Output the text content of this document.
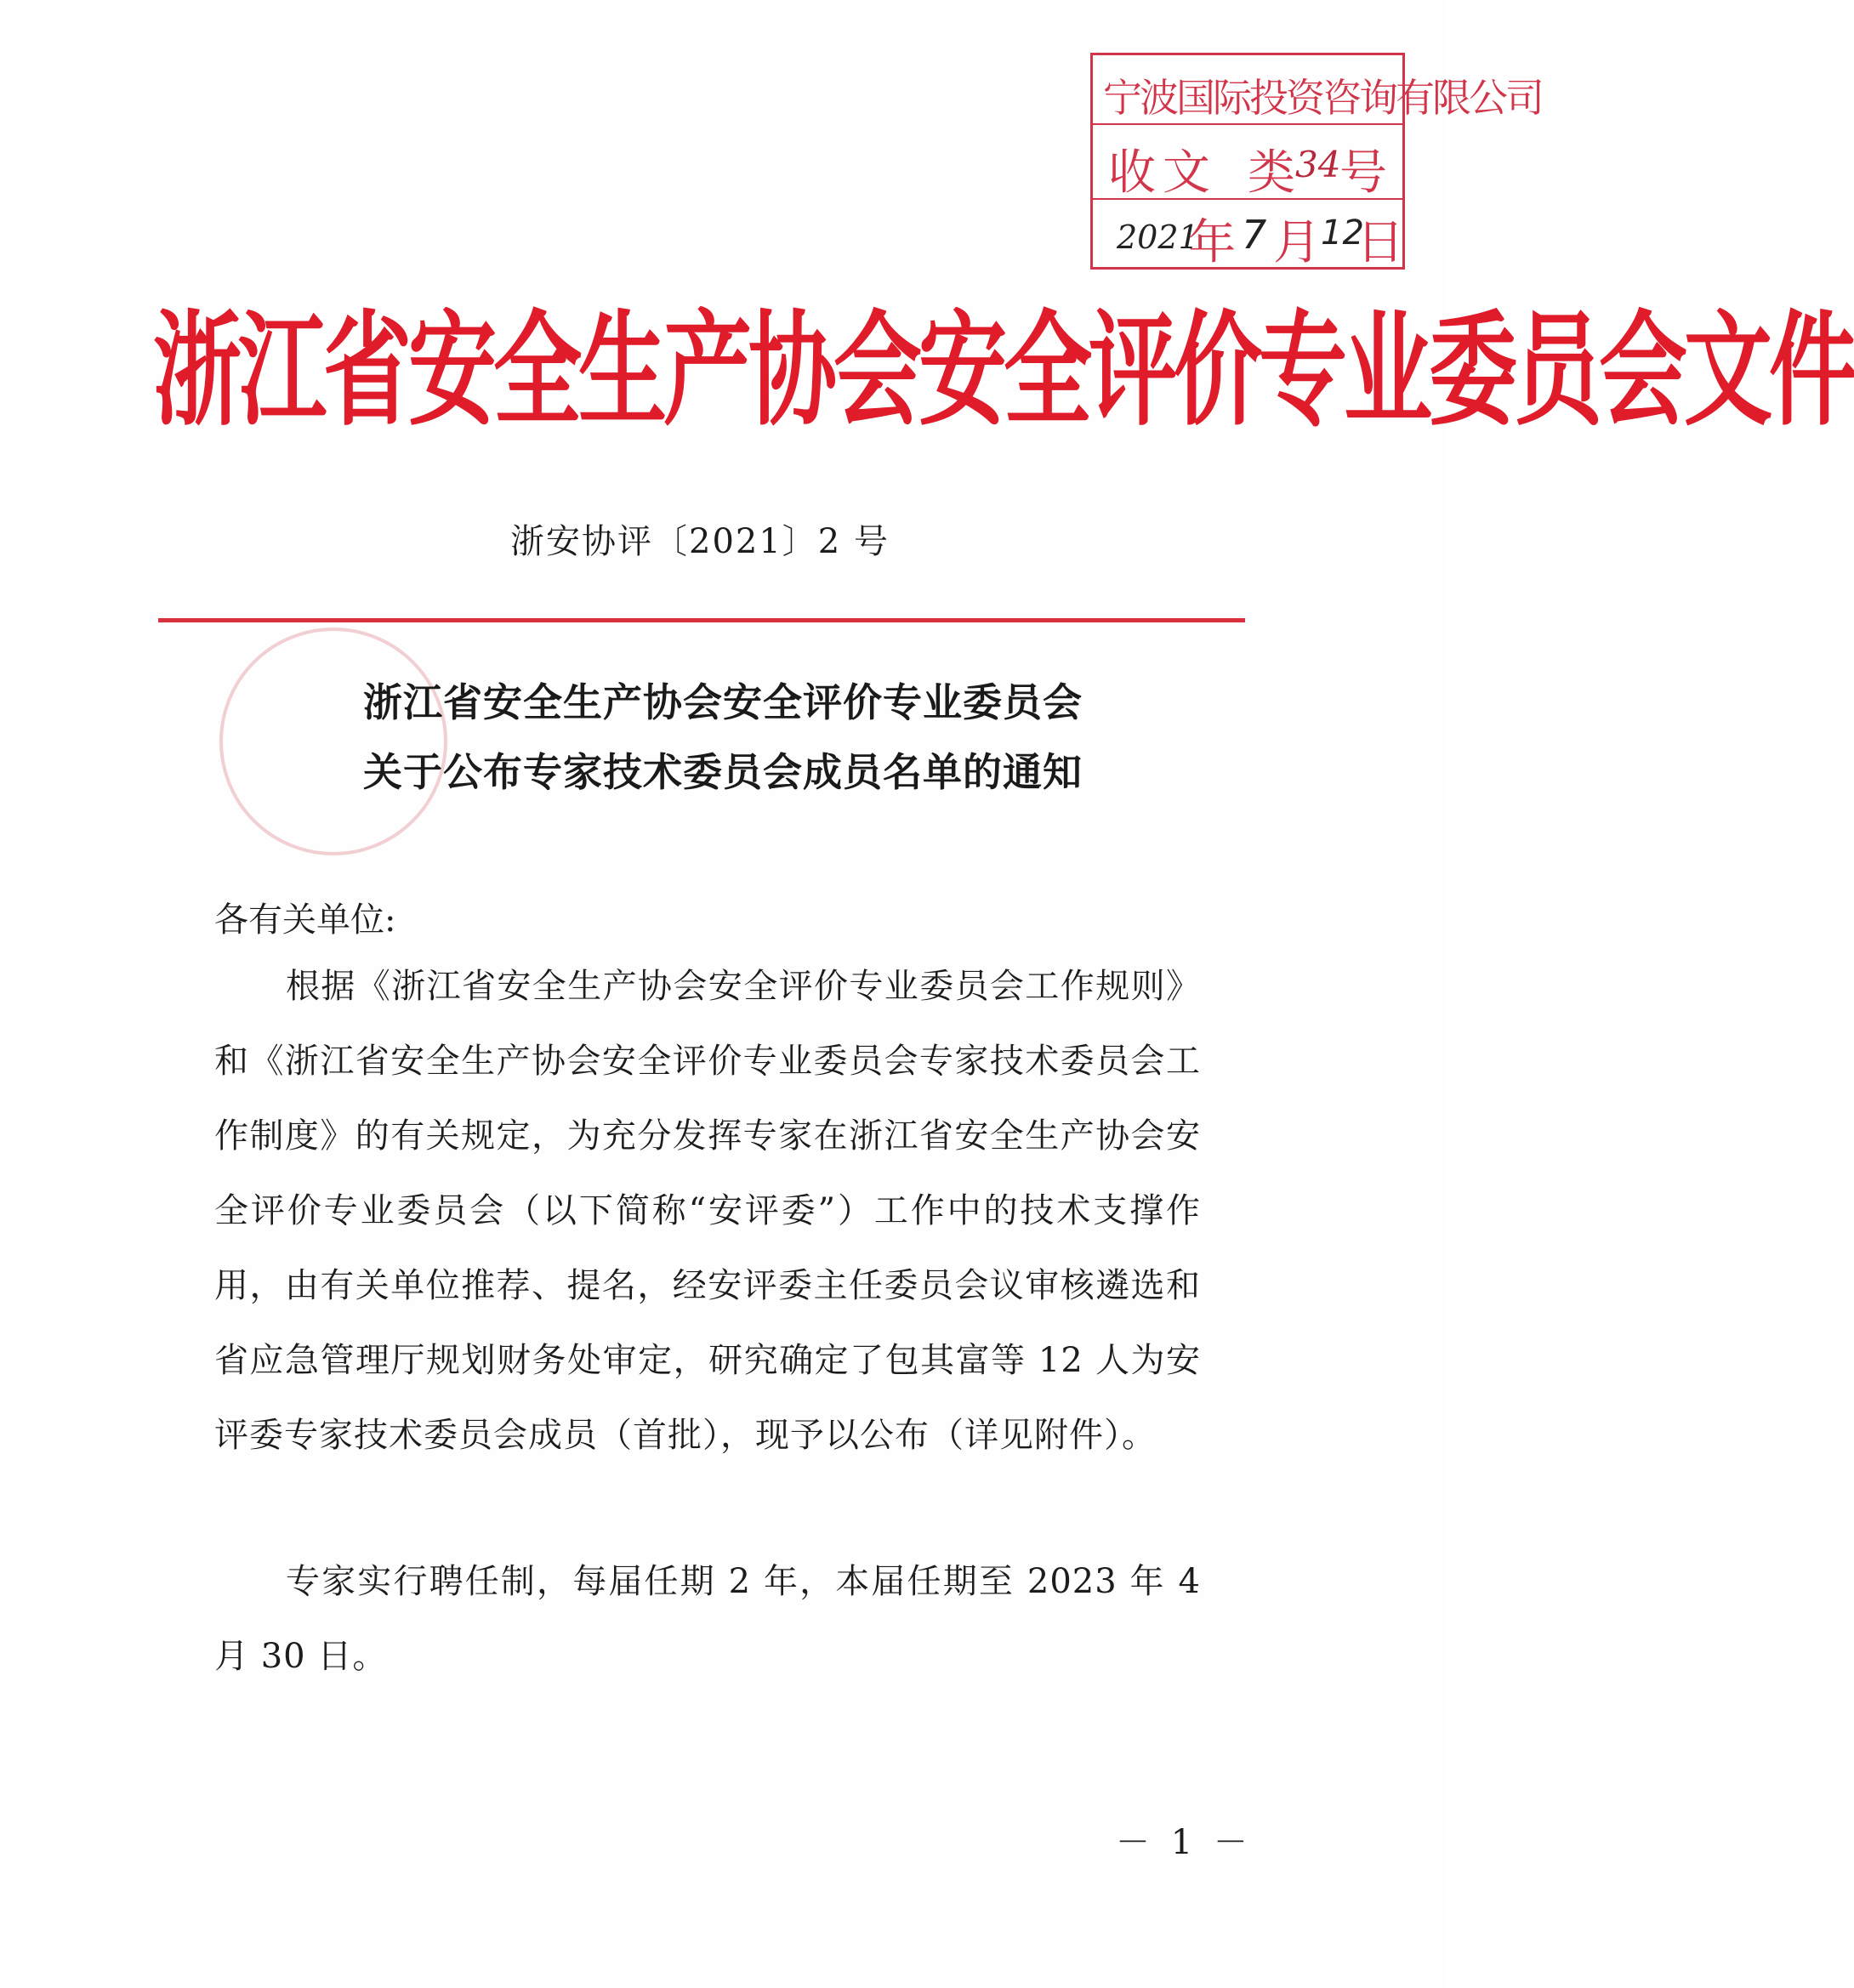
宁波国际投资咨询有限公司
收文 类 34
号
2021
年 7 月 12
日
浙江省安全生产协会安全评价专业委员会文件
浙安协评〔2021〕2 号
浙江省安全生产协会安全评价专业委员会
关于公布专家技术委员会成员名单的通知
各有关单位:
根据《浙江省安全生产协会安全评价专业委员会工作规则》和《浙江省安全生产协会安全评价专业委员会专家技术委员会工作制度》的有关规定，为充分发挥专家在浙江省安全生产协会安全评价专业委员会（以下简称“安评委”）工作中的技术支撑作用，由有关单位推荐、提名，经安评委主任委员会议审核遴选和省应急管理厅规划财务处审定，研究确定了包其富等 12 人为安评委专家技术委员会成员（首批），现予以公布（详见附件）。
专家实行聘任制，每届任期 2 年，本届任期至 2023 年 4 月 30 日。
－ 1 －
